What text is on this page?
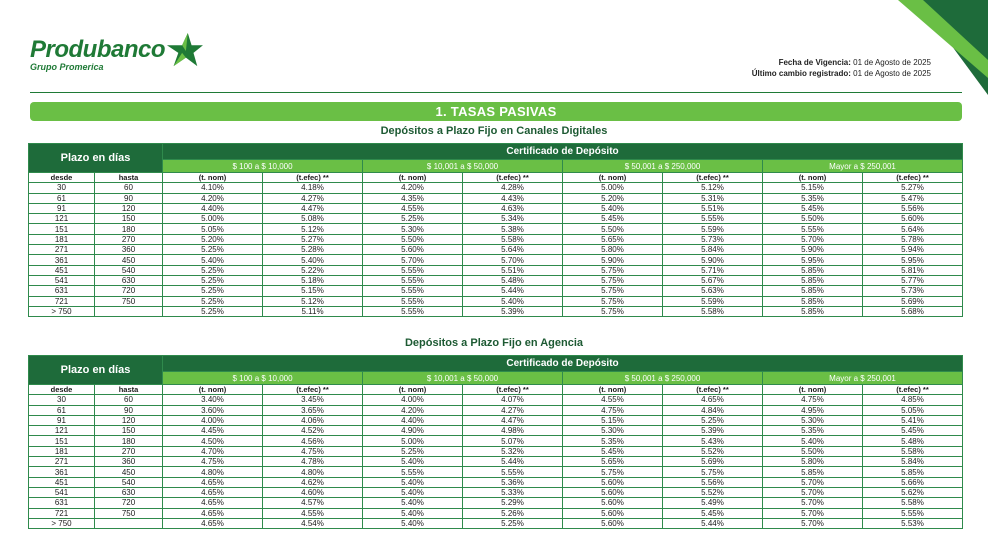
Produbanco
Grupo Promerica	Fecha de Vigencia: 01 de Agosto de 2025
Último cambio registrado: 01 de Agosto de 2025
1. TASAS PASIVAS
Depósitos a Plazo Fijo en Canales Digitales
Plazo en días		Certificado de Depósito							
		$ 100 a $ 10,000		$ 10,001 a $ 50,000		$ 50,001 a $ 250,000		Mayor a $ 250,001	
desde	hasta	(t. nom)	(t.efec) **	(t. nom)	(t.efec) **	(t. nom)	(t.efec) **	(t. nom)	(t.efec) **
30	60	4.10%	4.18%	4.20%	4.28%	5.00%	5.12%	5.15%	5.27%
61	90	4.20%	4.27%	4.35%	4.43%	5.20%	5.31%	5.35%	5.47%
91	120	4.40%	4.47%	4.55%	4.63%	5.40%	5.51%	5.45%	5.56%
121	150	5.00%	5.08%	5.25%	5.34%	5.45%	5.55%	5.50%	5.60%
151	180	5.05%	5.12%	5.30%	5.38%	5.50%	5.59%	5.55%	5.64%
181	270	5.20%	5.27%	5.50%	5.58%	5.65%	5.73%	5.70%	5.78%
271	360	5.25%	5.28%	5.60%	5.64%	5.80%	5.84%	5.90%	5.94%
361	450	5.40%	5.40%	5.70%	5.70%	5.90%	5.90%	5.95%	5.95%
451	540	5.25%	5.22%	5.55%	5.51%	5.75%	5.71%	5.85%	5.81%
541	630	5.25%	5.18%	5.55%	5.48%	5.75%	5.67%	5.85%	5.77%
631	720	5.25%	5.15%	5.55%	5.44%	5.75%	5.63%	5.85%	5.73%
721	750	5.25%	5.12%	5.55%	5.40%	5.75%	5.59%	5.85%	5.69%
> 750		5.25%	5.11%	5.55%	5.39%	5.75%	5.58%	5.85%	5.68%
Depósitos a Plazo Fijo en Agencia
Plazo en días		Certificado de Depósito							
		$ 100 a $ 10,000		$ 10,001 a $ 50,000		$ 50,001 a $ 250,000		Mayor a $ 250,001	
desde	hasta	(t. nom)	(t.efec) **	(t. nom)	(t.efec) **	(t. nom)	(t.efec) **	(t. nom)	(t.efec) **
30	60	3.40%	3.45%	4.00%	4.07%	4.55%	4.65%	4.75%	4.85%
61	90	3.60%	3.65%	4.20%	4.27%	4.75%	4.84%	4.95%	5.05%
91	120	4.00%	4.06%	4.40%	4.47%	5.15%	5.25%	5.30%	5.41%
121	150	4.45%	4.52%	4.90%	4.98%	5.30%	5.39%	5.35%	5.45%
151	180	4.50%	4.56%	5.00%	5.07%	5.35%	5.43%	5.40%	5.48%
181	270	4.70%	4.75%	5.25%	5.32%	5.45%	5.52%	5.50%	5.58%
271	360	4.75%	4.78%	5.40%	5.44%	5.65%	5.69%	5.80%	5.84%
361	450	4.80%	4.80%	5.55%	5.55%	5.75%	5.75%	5.85%	5.85%
451	540	4.65%	4.62%	5.40%	5.36%	5.60%	5.56%	5.70%	5.66%
541	630	4.65%	4.60%	5.40%	5.33%	5.60%	5.52%	5.70%	5.62%
631	720	4.65%	4.57%	5.40%	5.29%	5.60%	5.49%	5.70%	5.58%
721	750	4.65%	4.55%	5.40%	5.26%	5.60%	5.45%	5.70%	5.55%
> 750		4.65%	4.54%	5.40%	5.25%	5.60%	5.44%	5.70%	5.53%
